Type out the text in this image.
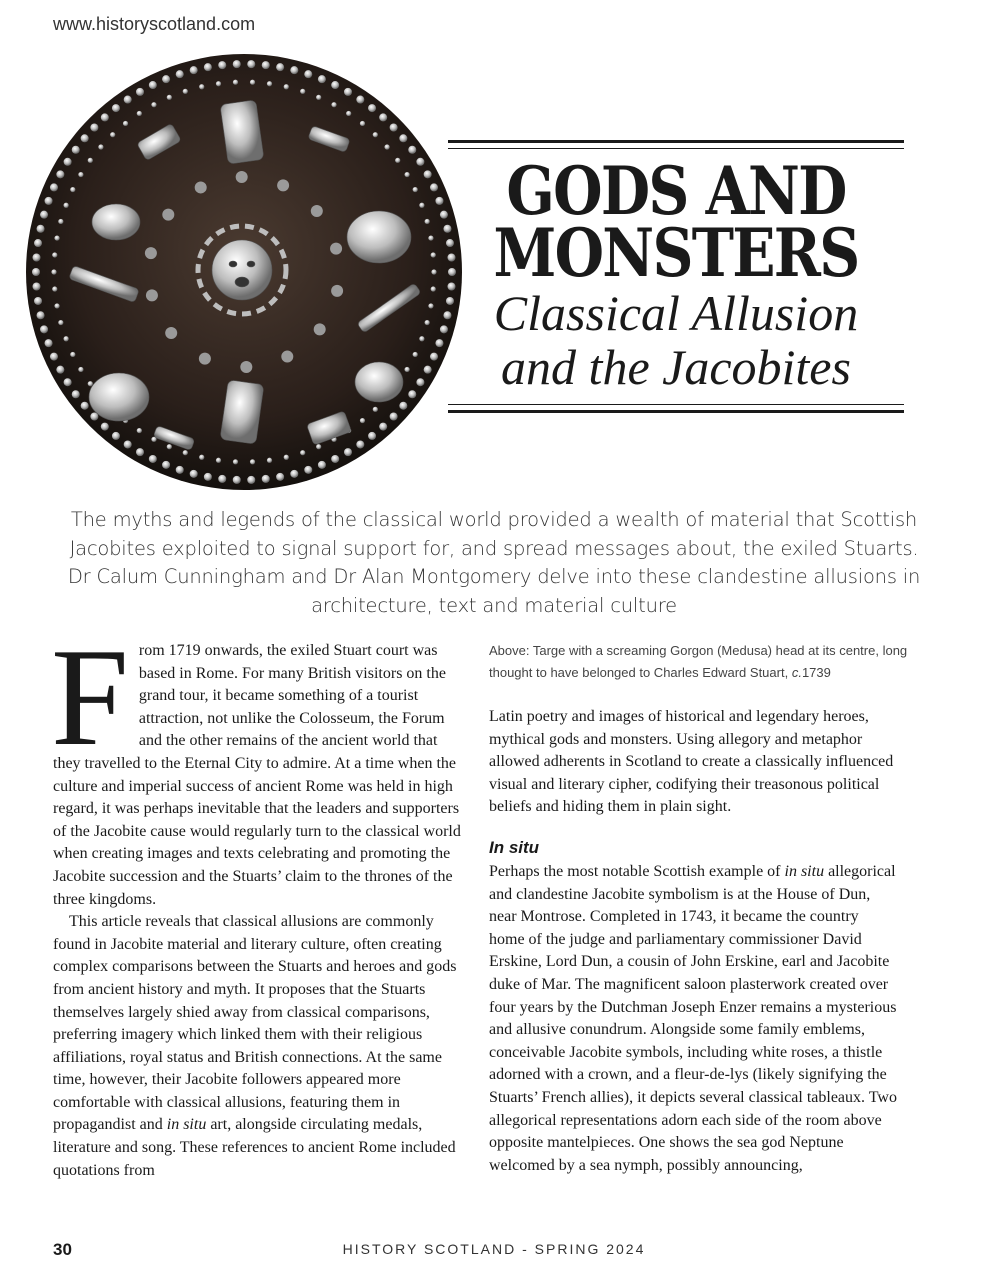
www.historyscotland.com
GODS AND
MONSTERS
Classical Allusion
and the Jacobites
The myths and legends of the classical world provided a wealth of material that Scottish Jacobites exploited to signal support for, and spread messages about, the exiled Stuarts. Dr Calum Cunningham and Dr Alan Montgomery delve into these clandestine allusions in architecture, text and material culture

From 1719 onwards, the exiled Stuart court was based in Rome. For many British visitors on the grand tour, it became something of a tourist attraction, not unlike the Colosseum, the Forum and the other remains of the ancient world that they travelled to the Eternal City to admire. At a time when the culture and imperial success of ancient Rome was held in high regard, it was perhaps inevitable that the leaders and supporters of the Jacobite cause would regularly turn to the classical world when creating images and texts celebrating and promoting the Jacobite succession and the Stuarts’ claim to the thrones of the three kingdoms.

This article reveals that classical allusions are commonly found in Jacobite material and literary culture, often creating complex comparisons between the Stuarts and heroes and gods from ancient history and myth. It proposes that the Stuarts themselves largely shied away from classical comparisons, preferring imagery which linked them with their religious affiliations, royal status and British connections. At the same time, however, their Jacobite followers appeared more comfortable with classical allusions, featuring them in propagandist and in situ art, alongside circulating medals, literature and song. These references to ancient Rome included quotations from

Above: Targe with a screaming Gorgon (Medusa) head at its centre, long thought to have belonged to Charles Edward Stuart, c.1739

Latin poetry and images of historical and legendary heroes, mythical gods and monsters. Using allegory and metaphor allowed adherents in Scotland to create a classically influenced visual and literary cipher, codifying their treasonous political beliefs and hiding them in plain sight.

In situ

Perhaps the most notable Scottish example of in situ allegorical and clandestine Jacobite symbolism is at the House of Dun, near Montrose. Completed in 1743, it became the country home of the judge and parliamentary commissioner David Erskine, Lord Dun, a cousin of John Erskine, earl and Jacobite duke of Mar. The magnificent saloon plasterwork created over four years by the Dutchman Joseph Enzer remains a mysterious and allusive conundrum. Alongside some family emblems, conceivable Jacobite symbols, including white roses, a thistle adorned with a crown, and a fleur-de-lys (likely signifying the Stuarts’ French allies), it depicts several classical tableaux. Two allegorical representations adorn each side of the room above opposite mantelpieces. One shows the sea god Neptune welcomed by a sea nymph, possibly announcing,

30	HISTORY SCOTLAND - SPRING 2024
